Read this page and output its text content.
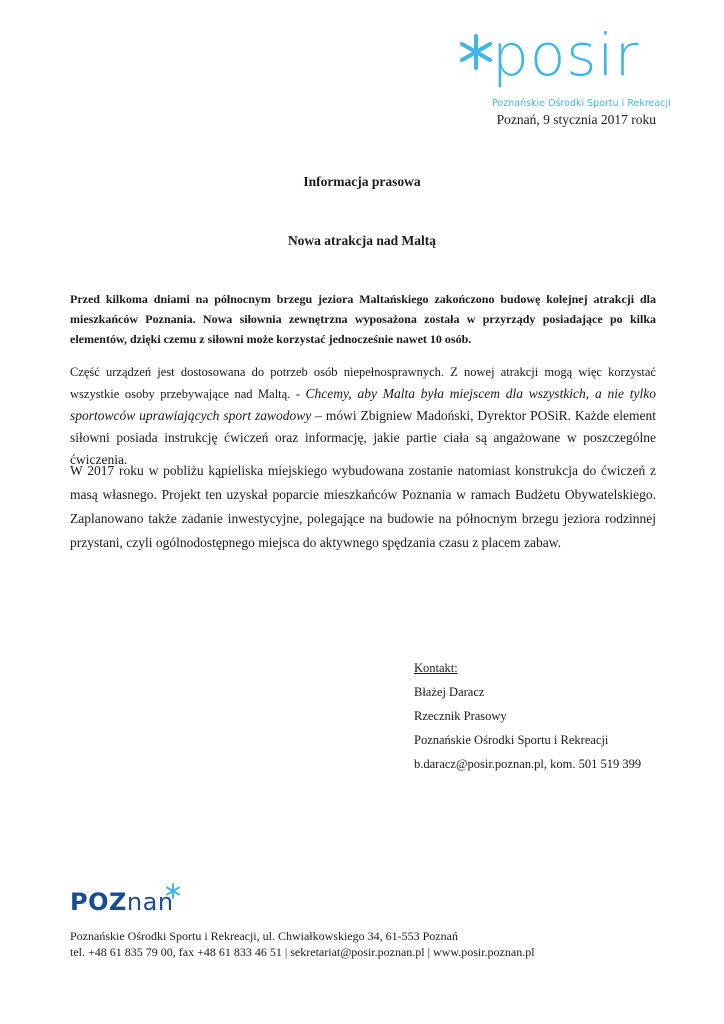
posir
Poznańskie Ośrodki Sportu i Rekreacji
Poznań, 9 stycznia 2017 roku
Informacja prasowa
Nowa atrakcja nad Maltą
Przed kilkoma dniami na północnym brzegu jeziora Maltańskiego zakończono budowę kolejnej atrakcji dla mieszkańców Poznania. Nowa siłownia zewnętrzna wyposażona została w przyrządy posiadające po kilka elementów, dzięki czemu z siłowni może korzystać jednocześnie nawet 10 osób.
Część urządzeń jest dostosowana do potrzeb osób niepełnosprawnych. Z nowej atrakcji mogą więc korzystać wszystkie osoby przebywające nad Maltą. - Chcemy, aby Malta była miejscem dla wszystkich, a nie tylko sportowców uprawiających sport zawodowy – mówi Zbigniew Madoński, Dyrektor POSiR. Każde element siłowni posiada instrukcję ćwiczeń oraz informację, jakie partie ciała są angażowane w poszczególne ćwiczenia.
W 2017 roku w pobliżu kąpieliska miejskiego wybudowana zostanie natomiast konstrukcja do ćwiczeń z masą własnego. Projekt ten uzyskał poparcie mieszkańców Poznania w ramach Budżetu Obywatelskiego. Zaplanowano także zadanie inwestycyjne, polegające na budowie na północnym brzegu jeziora rodzinnej przystani, czyli ogólnodostępnego miejsca do aktywnego spędzania czasu z placem zabaw.
Kontakt:
Błażej Daracz
Rzecznik Prasowy
Poznańskie Ośrodki Sportu i Rekreacji
b.daracz@posir.poznan.pl, kom. 501 519 399
POZnan
Poznańskie Ośrodki Sportu i Rekreacji, ul. Chwiałkowskiego 34, 61-553 Poznań
tel. +48 61 835 79 00, fax +48 61 833 46 51 | sekretariat@posir.poznan.pl | www.posir.poznan.pl
